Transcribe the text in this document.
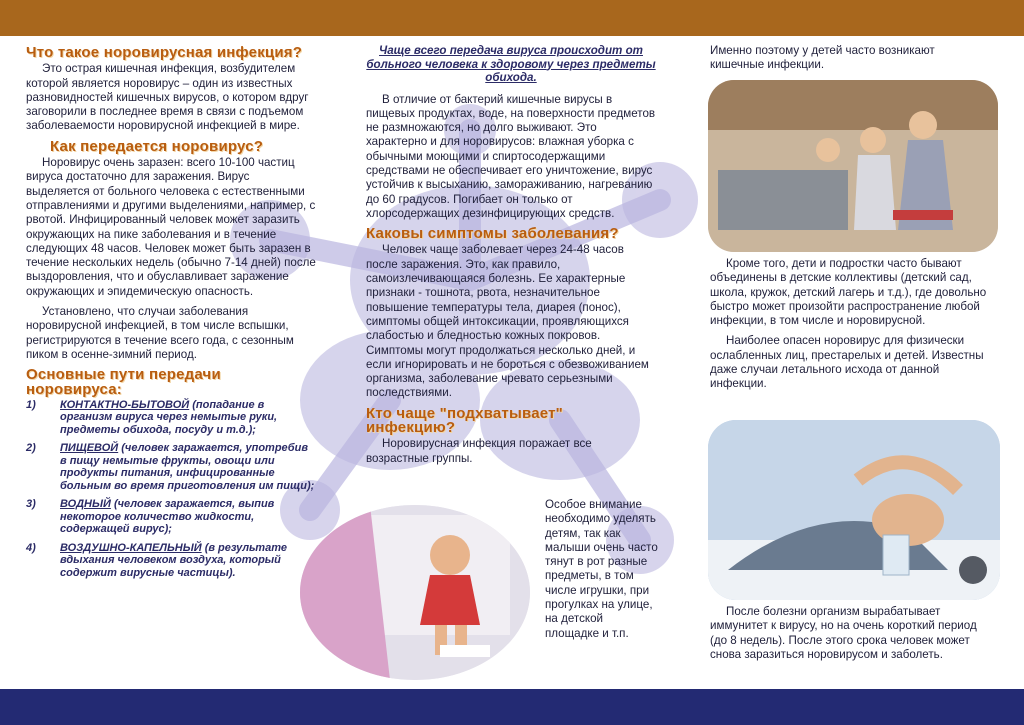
Что такое норовирусная инфекция?

Это острая кишечная инфекция, возбудителем которой является норовирус – один из известных разновидностей кишечных вирусов, о котором вдруг заговорили в последнее время в связи с подъемом заболеваемости норовирусной инфекцией в мире.

Как передается норовирус?

Норовирус очень заразен: всего 10-100 частиц вируса достаточно для заражения. Вирус выделяется от больного человека с естественными отправлениями и другими выделениями, например, с рвотой. Инфицированный человек может заразить окружающих на пике заболевания и в течение следующих 48 часов. Человек может быть заразен в течение нескольких недель (обычно 7-14 дней) после выздоровления, что и обуславливает заражение окружающих и эпидемическую опасность.

Установлено, что случаи заболевания норовирусной инфекцией, в том числе вспышки, регистрируются в течение всего года, с сезонным пиком в осенне-зимний период.

Основные пути передачи норовируса:
1)	КОНТАКТНО-БЫТОВОЙ (попадание в организм вируса через немытые руки, предметы обихода, посуду и т.д.);
2)	ПИЩЕВОЙ (человек заражается, употребив в пищу немытые фрукты, овощи или продукты питания, инфицированные больным во время приготовления им пищи);
3)	ВОДНЫЙ (человек заражается, выпив некоторое количество жидкости, содержащей вирус);
4)	ВОЗДУШНО-КАПЕЛЬНЫЙ (в результате вдыхания человеком воздуха, который содержит вирусные частицы).

Чаще всего передача вируса происходит от больного человека к здоровому через предметы обихода.

В отличие от бактерий кишечные вирусы в пищевых продуктах, воде, на поверхности предметов не размножаются, но долго выживают. Это характерно и для норовирусов: влажная уборка с обычными моющими и спиртосодержащими средствами не обеспечивает его уничтожение, вирус устойчив к высыханию, замораживанию, нагреванию до 60 градусов. Погибает он только от хлорсодержащих дезинфицирующих средств.

Каковы симптомы заболевания?

Человек чаще заболевает через 24-48 часов после заражения. Это, как правило, самоизлечивающаяся болезнь. Ее характерные признаки - тошнота, рвота, незначительное повышение температуры тела, диарея (понос), симптомы общей интоксикации, проявляющихся слабостью и бледностью кожных покровов. Симптомы могут продолжаться несколько дней, и если игнорировать и не бороться с обезвоживанием организма, заболевание чревато серьезными последствиями.

Кто чаще "подхватывает" инфекцию?

Норовирусная инфекция поражает все возрастные группы.

Особое внимание необходимо уделять детям, так как малыши очень часто тянут в рот разные предметы, в том числе игрушки, при прогулках на улице, на детской площадке и т.п.

Именно поэтому у детей часто возникают кишечные инфекции.

Кроме того, дети и подростки часто бывают объединены в детские коллективы (детский сад, школа, кружок, детский лагерь и т.д.), где довольно быстро может произойти распространение любой инфекции, в том числе и норовирусной.

Наиболее опасен норовирус для физически ослабленных лиц, престарелых и детей. Известны даже случаи летального исхода от данной инфекции.

После болезни организм вырабатывает иммунитет к вирусу, но на очень короткий период (до 8 недель). После этого срока человек может снова заразиться норовирусом и заболеть.
